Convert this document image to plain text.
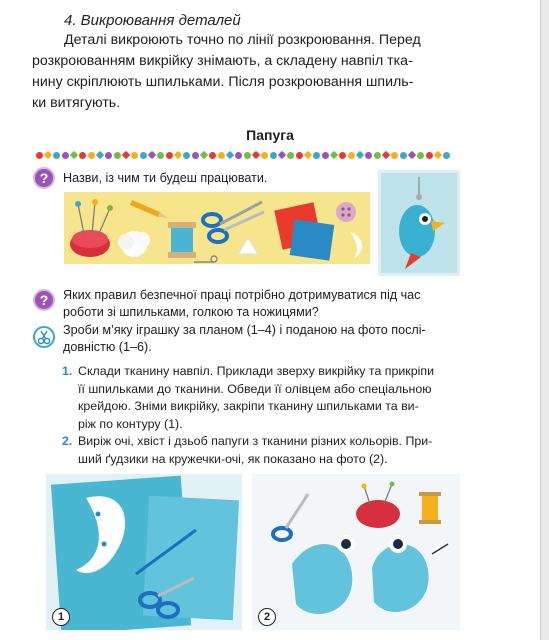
4. Викроювання деталей
Деталі викроюють точно по лінії розкроювання. Перед
розкроюванням викрійку знімають, а складену навпіл тка-
нину скріплюють шпильками. Після розкроювання шпиль-
ки витягують.
Папуга
?	Назви, із чим ти будеш працювати.
?	Яких правил безпечної праці потрібно дотримуватися під час
роботи зі шпильками, голкою та ножицями?
Зроби м’яку іграшку за планом (1–4) і поданою на фото послі-
довністю (1–6).
1. Склади тканину навпіл. Приклади зверху викрійку та прикріпи
її шпильками до тканини. Обведи її олівцем або спеціальною
крейдою. Зніми викрійку, закріпи тканину шпильками та ви-
ріж по контуру (1).
2. Виріж очі, хвіст і дзьоб папуги з тканини різних кольорів. При-
ший ґудзики на кружечки-очі, як показано на фото (2).
1	2
